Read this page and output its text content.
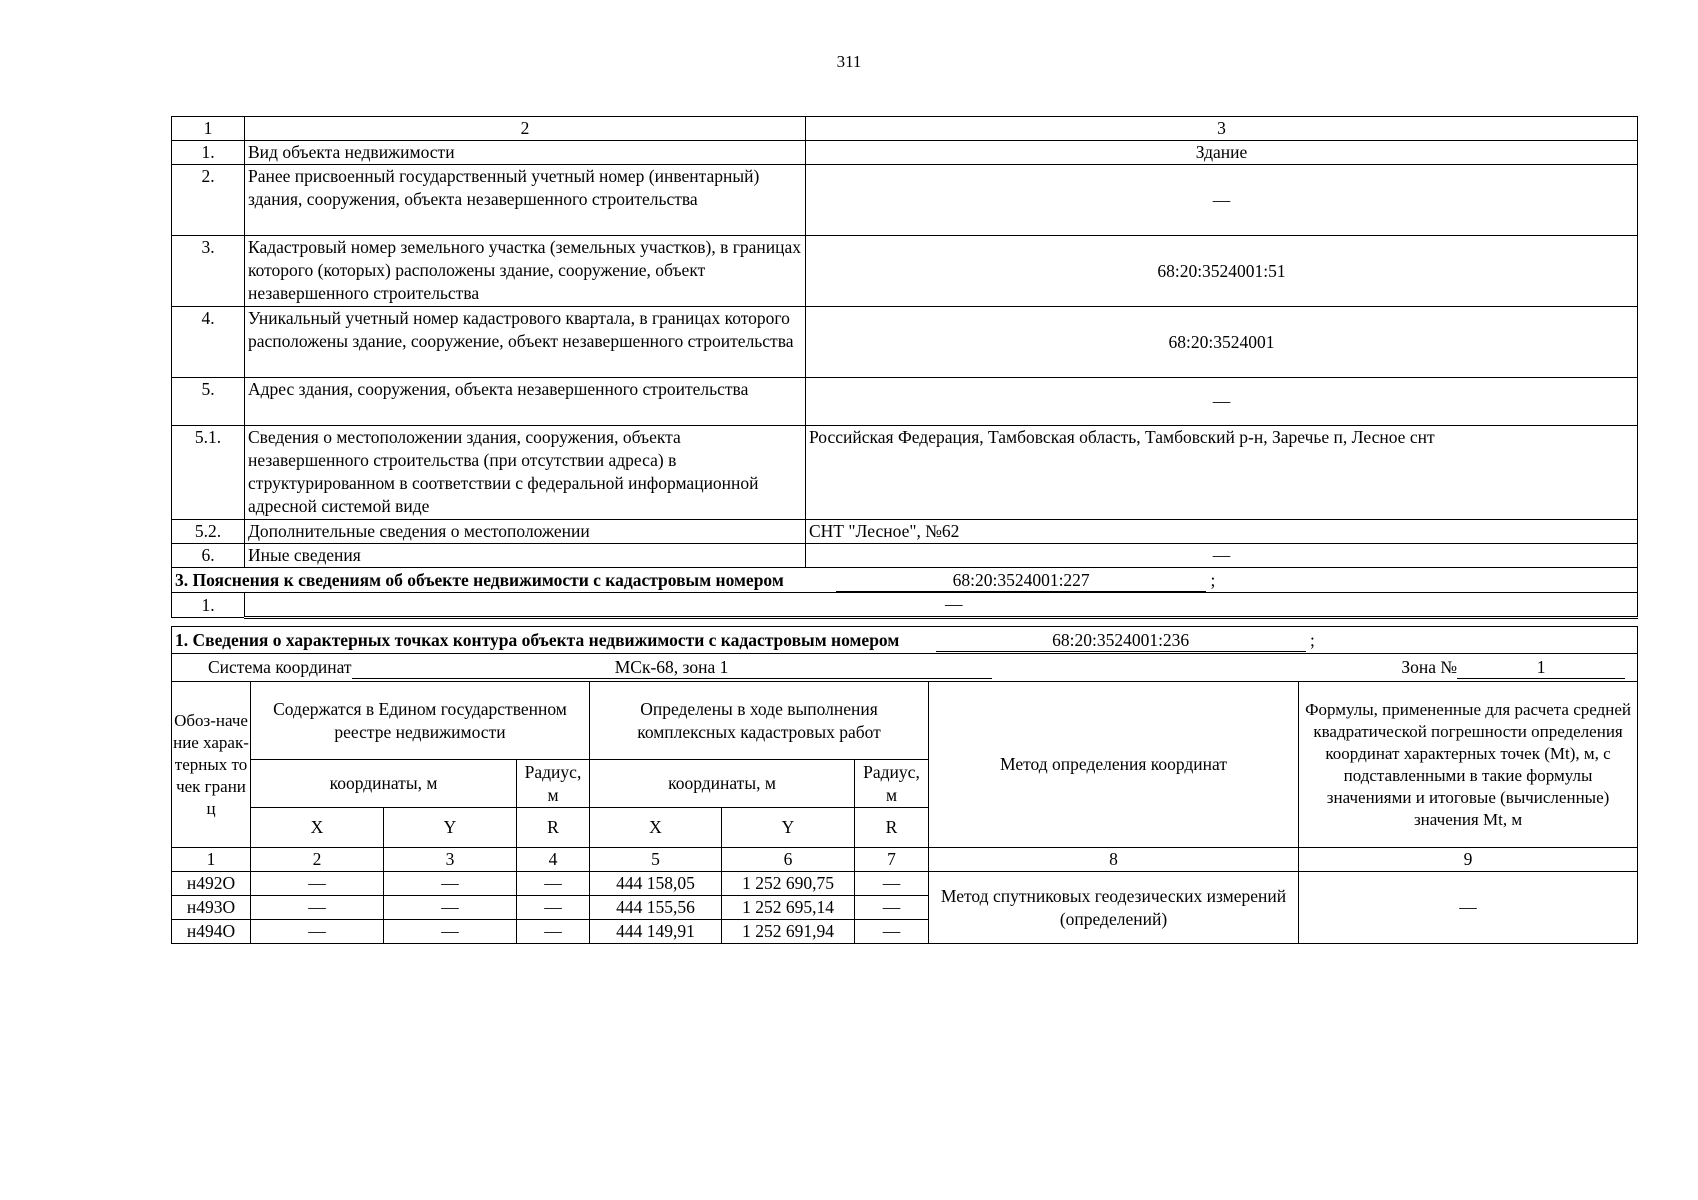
311
1	2	3
1.	Вид объекта недвижимости	Здание
2.	Ранее присвоенный государственный учетный номер (инвентарный) здания, сооружения, объекта незавершенного строительства	—
3.	Кадастровый номер земельного участка (земельных участков), в границах которого (которых) расположены здание, сооружение, объект незавершенного строительства	68:20:3524001:51
4.	Уникальный учетный номер кадастрового квартала, в границах которого расположены здание, сооружение, объект незавершенного строительства	68:20:3524001
5.	Адрес здания, сооружения, объекта незавершенного строительства	—
5.1.	Сведения о местоположении здания, сооружения, объекта незавершенного строительства (при отсутствии адреса) в структурированном в соответствии с федеральной информационной адресной системой виде	Российская Федерация, Тамбовская область, Тамбовский р-н, Заречье п, Лесное снт
5.2.	Дополнительные сведения о местоположении	СНТ "Лесное", №62
6.	Иные сведения	—
3. Пояснения к сведениям об объекте недвижимости с кадастровым номером 68:20:3524001:227 ;		
1.	—	
1. Сведения о характерных точках контура объекта недвижимости с кадастровым номером 68:20:3524001:236 ;								
Система координат МСк-68, зона 1 Зона № 1								

Обоз-начение харак-терных точек границ	Содержатся в Едином государственном реестре недвижимости			Определены в ходе выполнения комплексных кадастровых работ			Метод определения координат	Формулы, примененные для расчета средней квадратической погрешности определения координат характерных точек (Mt), м, с подставленными в такие формулы значениями и итоговые (вычисленные) значения Mt, м
	координаты, м		Радиус, м	координаты, м		Радиус, м		
	X	Y	R	X	Y	R		
1	2	3	4	5	6	7	8	9
н492О	—	—	—	444 158,05	1 252 690,75	—	Метод спутниковых геодезических измерений (определений)	—
н493О	—	—	—	444 155,56	1 252 695,14	—		
н494О	—	—	—	444 149,91	1 252 691,94	—		
